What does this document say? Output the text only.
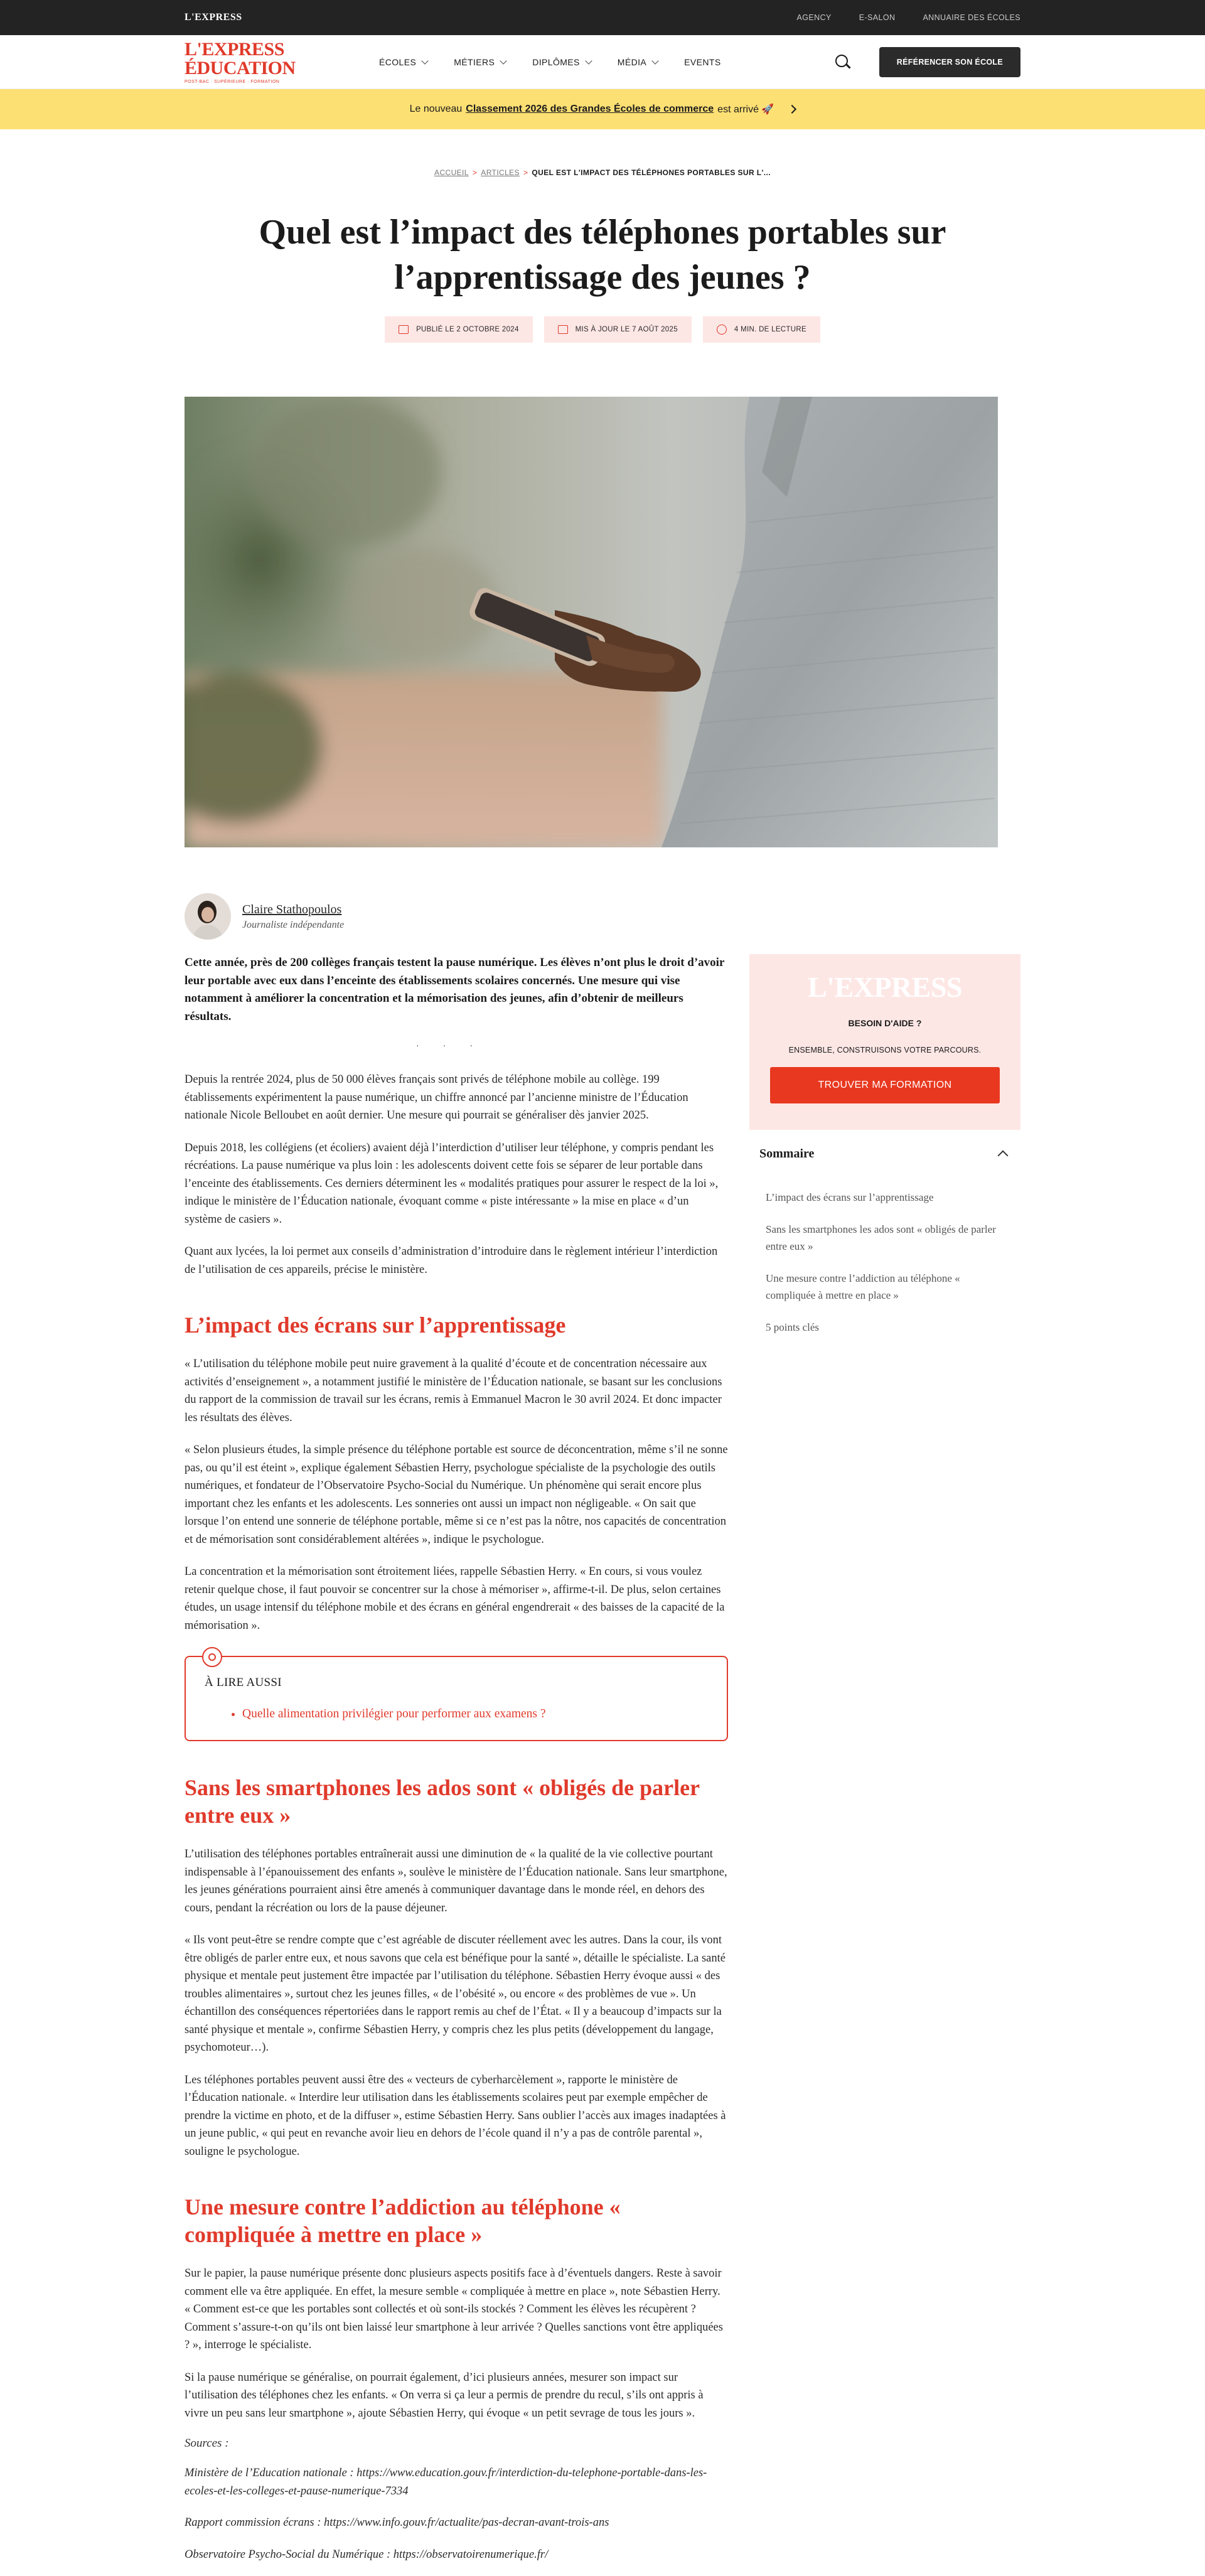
L'EXPRESS	AGENCY	E-SALON	ANNUAIRE DES ÉCOLES
L'EXPRESS
ÉDUCATION
POST-BAC · SUPÉRIEURE · FORMATION
ÉCOLES	MÉTIERS	DIPLÔMES	MÉDIA	EVENTS	RÉFÉRENCER SON ÉCOLE
Le nouveau Classement 2026 des Grandes Écoles de commerce est arrivé 🚀
ACCUEIL > ARTICLES > QUEL EST L'IMPACT DES TÉLÉPHONES PORTABLES SUR L'...
Quel est l’impact des téléphones portables sur l’apprentissage des jeunes ?
PUBLIÉ LE 2 OCTOBRE 2024	MIS À JOUR LE 7 AOÛT 2025	4 MIN. DE LECTURE
Claire Stathopoulos
Journaliste indépendante

Cette année, près de 200 collèges français testent la pause numérique. Les élèves n’ont plus le droit d’avoir leur portable avec eux dans l’enceinte des établissements scolaires concernés. Une mesure qui vise notamment à améliorer la concentration et la mémorisation des jeunes, afin d’obtenir de meilleurs résultats.

···

Depuis la rentrée 2024, plus de 50 000 élèves français sont privés de téléphone mobile au collège. 199 établissements expérimentent la pause numérique, un chiffre annoncé par l’ancienne ministre de l’Éducation nationale Nicole Belloubet en août dernier. Une mesure qui pourrait se généraliser dès janvier 2025.

Depuis 2018, les collégiens (et écoliers) avaient déjà l’interdiction d’utiliser leur téléphone, y compris pendant les récréations. La pause numérique va plus loin : les adolescents doivent cette fois se séparer de leur portable dans l’enceinte des établissements. Ces derniers déterminent les « modalités pratiques pour assurer le respect de la loi », indique le ministère de l’Éducation nationale, évoquant comme « piste intéressante » la mise en place « d’un système de casiers ».

Quant aux lycées, la loi permet aux conseils d’administration d’introduire dans le règlement intérieur l’interdiction de l’utilisation de ces appareils, précise le ministère.

L’impact des écrans sur l’apprentissage

« L’utilisation du téléphone mobile peut nuire gravement à la qualité d’écoute et de concentration nécessaire aux activités d’enseignement », a notamment justifié le ministère de l’Éducation nationale, se basant sur les conclusions du rapport de la commission de travail sur les écrans, remis à Emmanuel Macron le 30 avril 2024. Et donc impacter les résultats des élèves.

« Selon plusieurs études, la simple présence du téléphone portable est source de déconcentration, même s’il ne sonne pas, ou qu’il est éteint », explique également Sébastien Herry, psychologue spécialiste de la psychologie des outils numériques, et fondateur de l’Observatoire Psycho-Social du Numérique. Un phénomène qui serait encore plus important chez les enfants et les adolescents. Les sonneries ont aussi un impact non négligeable. « On sait que lorsque l’on entend une sonnerie de téléphone portable, même si ce n’est pas la nôtre, nos capacités de concentration et de mémorisation sont considérablement altérées », indique le psychologue.

La concentration et la mémorisation sont étroitement liées, rappelle Sébastien Herry. « En cours, si vous voulez retenir quelque chose, il faut pouvoir se concentrer sur la chose à mémoriser », affirme-t-il. De plus, selon certaines études, un usage intensif du téléphone mobile et des écrans en général engendrerait « des baisses de la capacité de la mémorisation ».

À LIRE AUSSI
• Quelle alimentation privilégier pour performer aux examens ?
Sans les smartphones les ados sont « obligés de parler entre eux »

L’utilisation des téléphones portables entraînerait aussi une diminution de « la qualité de la vie collective pourtant indispensable à l’épanouissement des enfants », soulève le ministère de l’Éducation nationale. Sans leur smartphone, les jeunes générations pourraient ainsi être amenés à communiquer davantage dans le monde réel, en dehors des cours, pendant la récréation ou lors de la pause déjeuner.

« Ils vont peut-être se rendre compte que c’est agréable de discuter réellement avec les autres. Dans la cour, ils vont être obligés de parler entre eux, et nous savons que cela est bénéfique pour la santé », détaille le spécialiste. La santé physique et mentale peut justement être impactée par l’utilisation du téléphone. Sébastien Herry évoque aussi « des troubles alimentaires », surtout chez les jeunes filles, « de l’obésité », ou encore « des problèmes de vue ». Un échantillon des conséquences répertoriées dans le rapport remis au chef de l’État. « Il y a beaucoup d’impacts sur la santé physique et mentale », confirme Sébastien Herry, y compris chez les plus petits (développement du langage, psychomoteur…).

Les téléphones portables peuvent aussi être des « vecteurs de cyberharcèlement », rapporte le ministère de l’Éducation nationale. « Interdire leur utilisation dans les établissements scolaires peut par exemple empêcher de prendre la victime en photo, et de la diffuser », estime Sébastien Herry. Sans oublier l’accès aux images inadaptées à un jeune public, « qui peut en revanche avoir lieu en dehors de l’école quand il n’y a pas de contrôle parental », souligne le psychologue.

Une mesure contre l’addiction au téléphone « compliquée à mettre en place »

Sur le papier, la pause numérique présente donc plusieurs aspects positifs face à d’éventuels dangers. Reste à savoir comment elle va être appliquée. En effet, la mesure semble « compliquée à mettre en place », note Sébastien Herry. « Comment est-ce que les portables sont collectés et où sont-ils stockés ? Comment les élèves les récupèrent ? Comment s’assure-t-on qu’ils ont bien laissé leur smartphone à leur arrivée ? Quelles sanctions vont être appliquées ? », interroge le spécialiste.

Si la pause numérique se généralise, on pourrait également, d’ici plusieurs années, mesurer son impact sur l’utilisation des téléphones chez les enfants. « On verra si ça leur a permis de prendre du recul, s’ils ont appris à vivre un peu sans leur smartphone », ajoute Sébastien Herry, qui évoque « un petit sevrage de tous les jours ».

Sources :

Ministère de l’Education nationale : https://www.education.gouv.fr/interdiction-du-telephone-portable-dans-les-ecoles-et-les-colleges-et-pause-numerique-7334

Rapport commission écrans : https://www.info.gouv.fr/actualite/pas-decran-avant-trois-ans

Observatoire Psycho-Social du Numérique : https://observatoirenumerique.fr/

L'EXPRESS
BESOIN D'AIDE ?
ENSEMBLE, CONSTRUISONS VOTRE PARCOURS.
TROUVER MA FORMATION
Sommaire
L’impact des écrans sur l’apprentissage
Sans les smartphones les ados sont « obligés de parler entre eux »
Une mesure contre l’addiction au téléphone « compliquée à mettre en place »
5 points clés
